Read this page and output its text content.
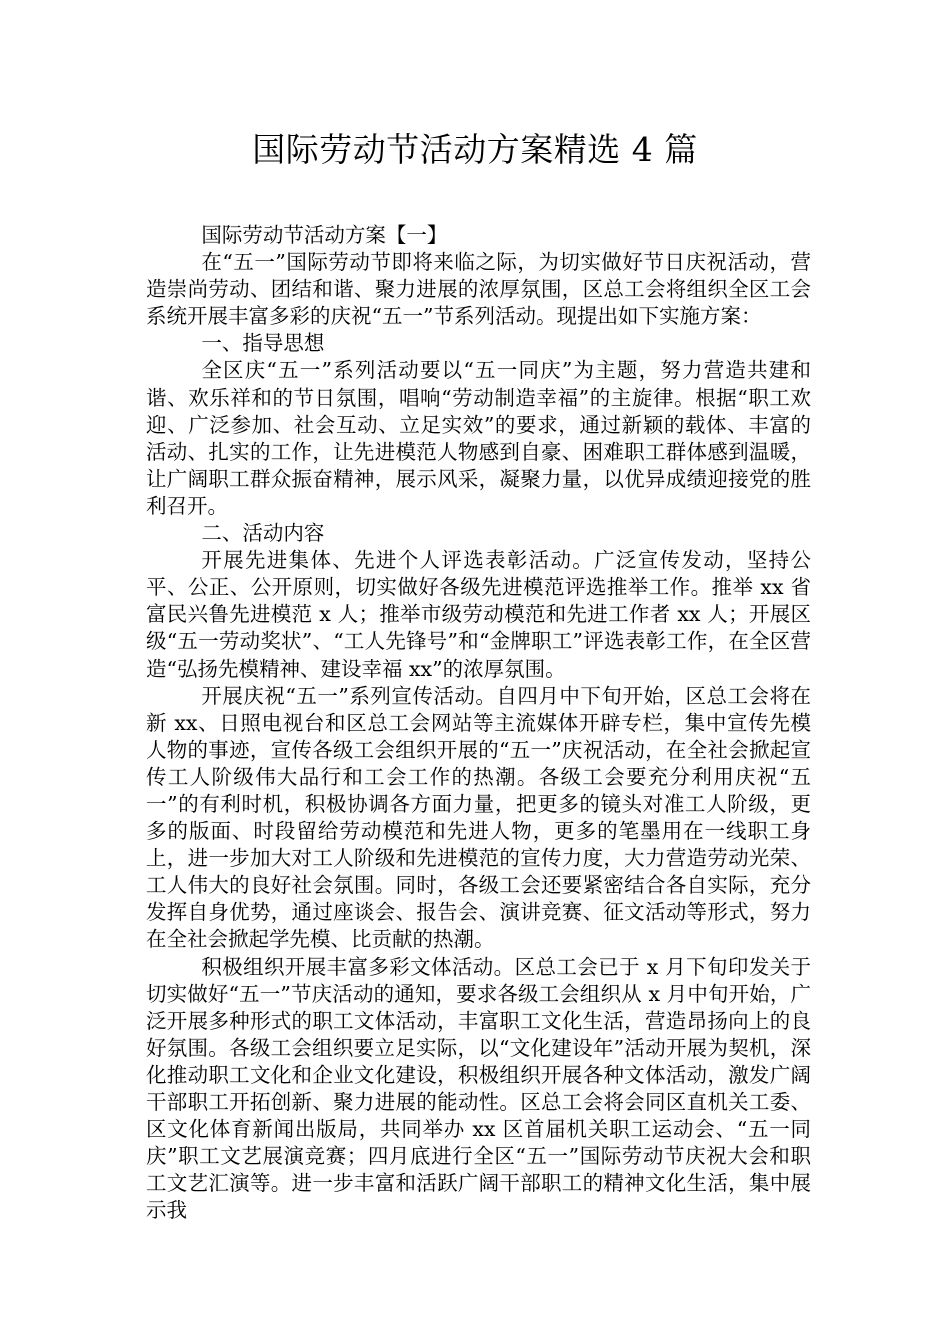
国际劳动节活动方案精选 4 篇

国际劳动节活动方案【一】

在“五一”国际劳动节即将来临之际，为切实做好节日庆祝活动，营造崇尚劳动、团结和谐、聚力进展的浓厚氛围，区总工会将组织全区工会系统开展丰富多彩的庆祝“五一”节系列活动。现提出如下实施方案：

一、指导思想

全区庆“五一”系列活动要以“五一同庆”为主题，努力营造共建和谐、欢乐祥和的节日氛围，唱响“劳动制造幸福”的主旋律。根据“职工欢迎、广泛参加、社会互动、立足实效”的要求，通过新颖的载体、丰富的活动、扎实的工作，让先进模范人物感到自豪、困难职工群体感到温暖，让广阔职工群众振奋精神，展示风采，凝聚力量，以优异成绩迎接党的胜利召开。

二、活动内容

开展先进集体、先进个人评选表彰活动。广泛宣传发动，坚持公平、公正、公开原则，切实做好各级先进模范评选推举工作。推举 xx 省富民兴鲁先进模范 x 人；推举市级劳动模范和先进工作者 xx 人；开展区级“五一劳动奖状”、“工人先锋号”和“金牌职工”评选表彰工作，在全区营造“弘扬先模精神、建设幸福 xx”的浓厚氛围。

开展庆祝“五一”系列宣传活动。自四月中下旬开始，区总工会将在新 xx、日照电视台和区总工会网站等主流媒体开辟专栏，集中宣传先模人物的事迹，宣传各级工会组织开展的“五一”庆祝活动，在全社会掀起宣传工人阶级伟大品行和工会工作的热潮。各级工会要充分利用庆祝“五一”的有利时机，积极协调各方面力量，把更多的镜头对准工人阶级，更多的版面、时段留给劳动模范和先进人物，更多的笔墨用在一线职工身上，进一步加大对工人阶级和先进模范的宣传力度，大力营造劳动光荣、工人伟大的良好社会氛围。同时，各级工会还要紧密结合各自实际，充分发挥自身优势，通过座谈会、报告会、演讲竞赛、征文活动等形式，努力在全社会掀起学先模、比贡献的热潮。

积极组织开展丰富多彩文体活动。区总工会已于 x 月下旬印发关于切实做好“五一”节庆活动的通知，要求各级工会组织从 x 月中旬开始，广泛开展多种形式的职工文体活动，丰富职工文化生活，营造昂扬向上的良好氛围。各级工会组织要立足实际，以“文化建设年”活动开展为契机，深化推动职工文化和企业文化建设，积极组织开展各种文体活动，激发广阔干部职工开拓创新、聚力进展的能动性。区总工会将会同区直机关工委、区文化体育新闻出版局，共同举办 xx 区首届机关职工运动会、“五一同庆”职工文艺展演竞赛；四月底进行全区“五一”国际劳动节庆祝大会和职工文艺汇演等。进一步丰富和活跃广阔干部职工的精神文化生活，集中展示我
